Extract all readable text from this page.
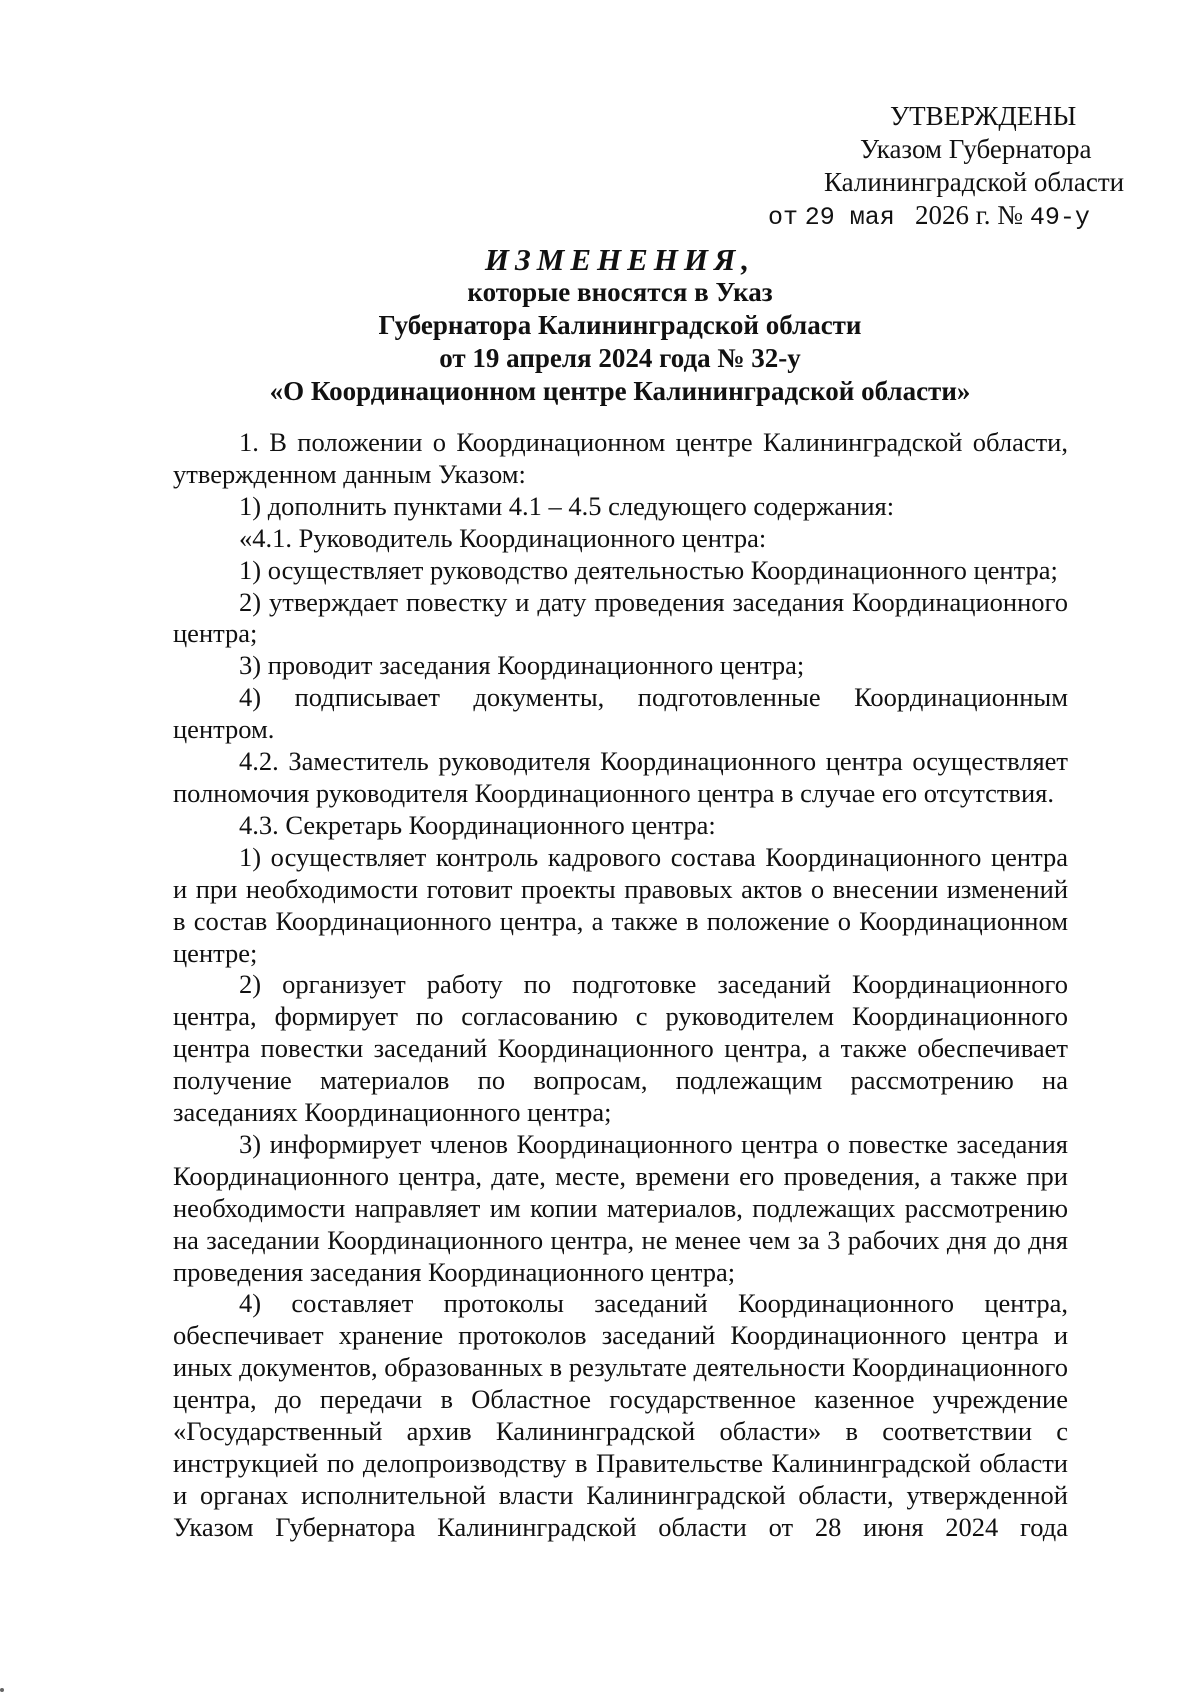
УТВЕРЖДЕНЫ
Указом Губернатора
Калининградской области
от 29 мая 2026 г. № 49-у
ИЗМЕНЕНИЯ,
которые вносятся в Указ
Губернатора Калининградской области
от 19 апреля 2024 года № 32-у
«О Координационном центре Калининградской области»

1. В положении о Координационном центре Калининградской области, утвержденном данным Указом:

1) дополнить пунктами 4.1 – 4.5 следующего содержания:

«4.1. Руководитель Координационного центра:

1) осуществляет руководство деятельностью Координационного центра;

2) утверждает повестку и дату проведения заседания Координационного центра;

3) проводит заседания Координационного центра;

4) подписывает документы, подготовленные Координационным центром.

4.2. Заместитель руководителя Координационного центра осуществляет полномочия руководителя Координационного центра в случае его отсутствия.

4.3. Секретарь Координационного центра:

1) осуществляет контроль кадрового состава Координационного центра и при необходимости готовит проекты правовых актов о внесении изменений в состав Координационного центра, а также в положение о Координационном центре;

2) организует работу по подготовке заседаний Координационного центра, формирует по согласованию с руководителем Координационного центра повестки заседаний Координационного центра, а также обеспечивает получение материалов по вопросам, подлежащим рассмотрению на заседаниях Координационного центра;

3) информирует членов Координационного центра о повестке заседания Координационного центра, дате, месте, времени его проведения, а также при необходимости направляет им копии материалов, подлежащих рассмотрению на заседании Координационного центра, не менее чем за 3 рабочих дня до дня проведения заседания Координационного центра;

4) составляет протоколы заседаний Координационного центра, обеспечивает хранение протоколов заседаний Координационного центра и иных документов, образованных в результате деятельности Координационного центра, до передачи в Областное государственное казенное учреждение «Государственный архив Калининградской области» в соответствии с инструкцией по делопроизводству в Правительстве Калининградской области и органах исполнительной власти Калининградской области, утвержденной Указом Губернатора Калининградской области от 28 июня 2024 года
